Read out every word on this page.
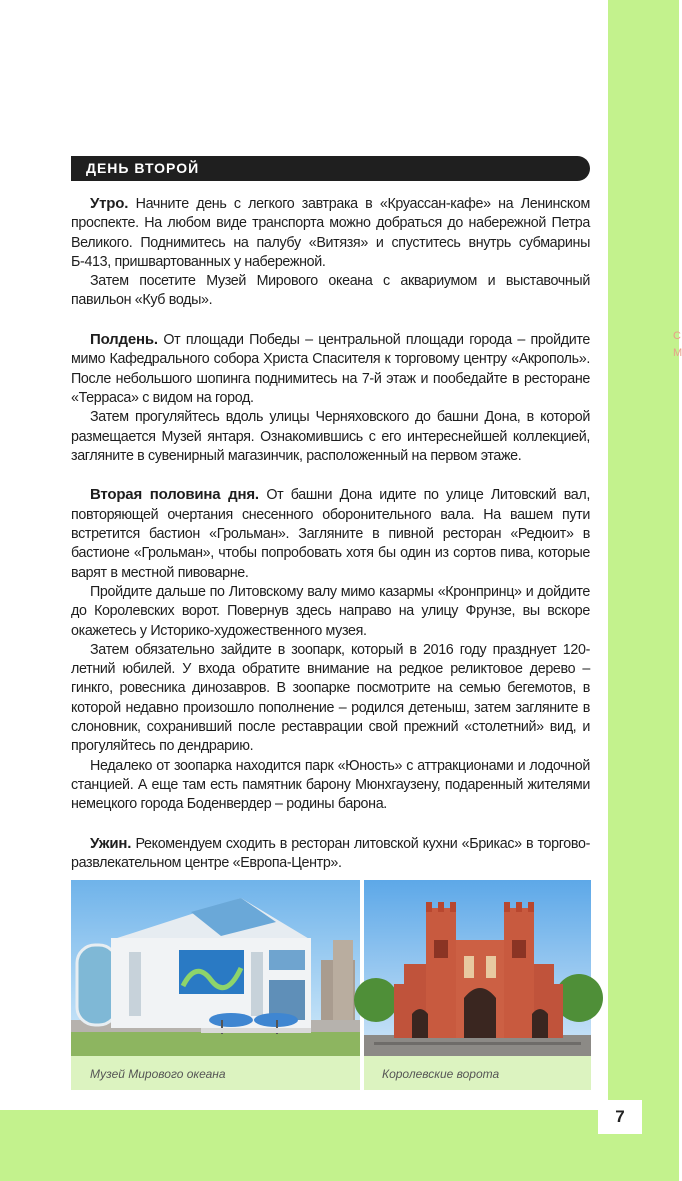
7
С
М
ДЕНЬ ВТОРОЙ

Утро. Начните день с легкого завтрака в «Круассан-кафе» на Ленинском проспекте. На любом виде транспорта можно добраться до набережной Петра Великого. Поднимитесь на палубу «Витязя» и спуститесь внутрь субмарины Б-413, пришвартованных у набережной.

Затем посетите Музей Мирового океана с аквариумом и выставочный павильон «Куб воды».

Полдень. От площади Победы – центральной площади города – пройдите мимо Кафедрального собора Христа Спасителя к торговому центру «Акрополь». После небольшого шопинга поднимитесь на 7-й этаж и пообедайте в ресторане «Терраса» с видом на город.

Затем прогуляйтесь вдоль улицы Черняховского до башни Дона, в которой размещается Музей янтаря. Ознакомившись с его интереснейшей коллекцией, загляните в сувенирный магазинчик, расположенный на первом этаже.

Вторая половина дня. От башни Дона идите по улице Литовский вал, повторяющей очертания снесенного оборонительного вала. На вашем пути встретится бастион «Грольман». Загляните в пивной ресторан «Редюит» в бастионе «Грольман», чтобы попробовать хотя бы один из сортов пива, которые варят в местной пивоварне.

Пройдите дальше по Литовскому валу мимо казармы «Кронпринц» и дойдите до Королевских ворот. Повернув здесь направо на улицу Фрунзе, вы вскоре окажетесь у Историко-художественного музея.

Затем обязательно зайдите в зоопарк, который в 2016 году празднует 120-летний юбилей. У входа обратите внимание на редкое реликтовое дерево – гинкго, ровесника динозавров. В зоопарке посмотрите на семью бегемотов, в которой недавно произошло пополнение – родился детеныш, затем загляните в слоновник, сохранивший после реставрации свой прежний «столетний» вид, и прогуляйтесь по дендрарию.

Недалеко от зоопарка находится парк «Юность» с аттракционами и лодочной станцией. А еще там есть памятник барону Мюнхгаузену, подаренный жителями немецкого города Боденвердер – родины барона.

Ужин. Рекомендуем сходить в ресторан литовской кухни «Брикас» в торгово-развлекательном центре «Европа-Центр».

Музей Мирового океана	Королевские ворота
